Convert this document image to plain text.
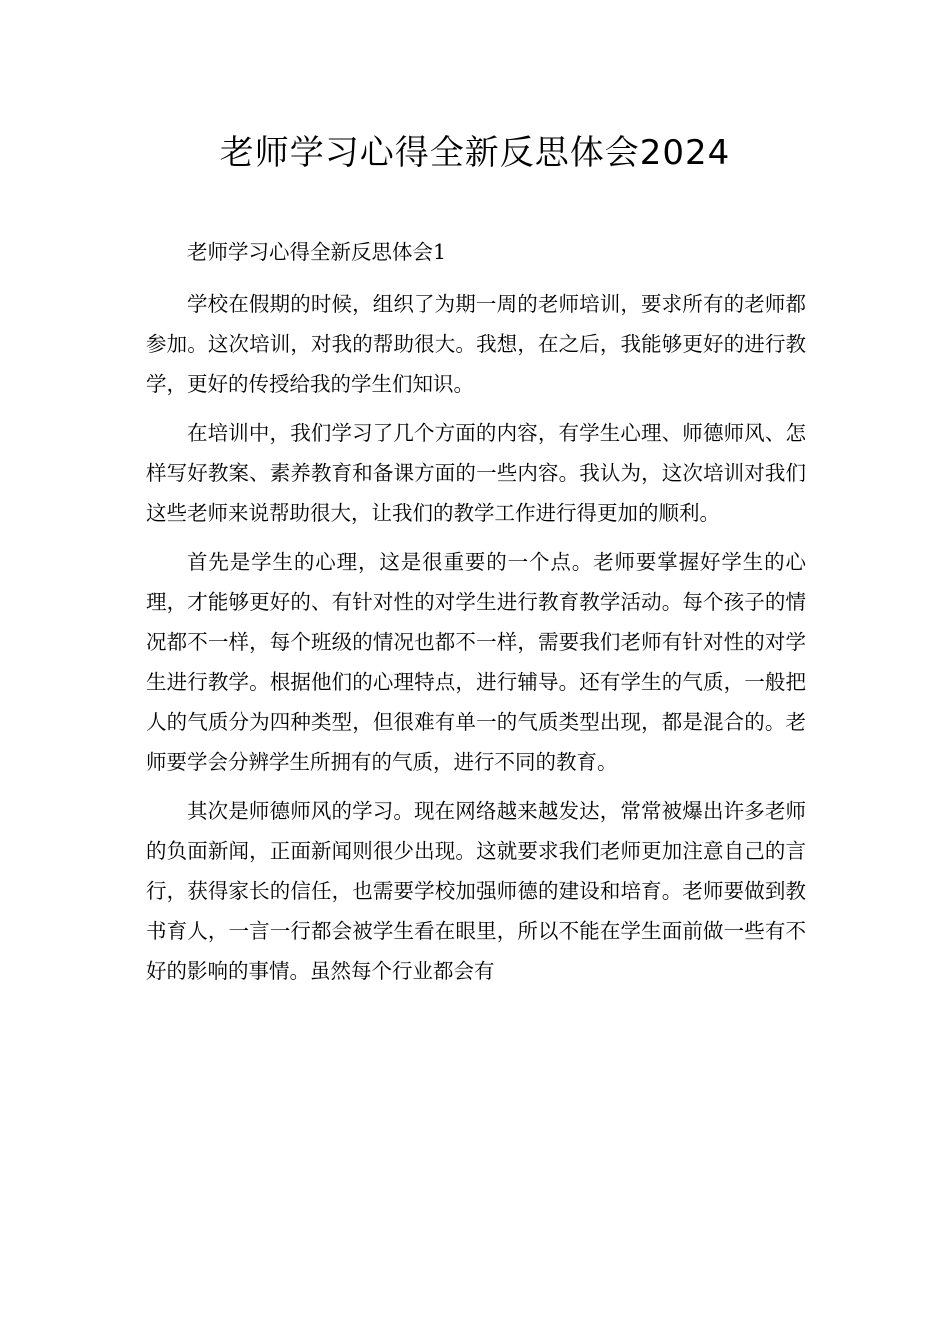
老师学习心得全新反思体会2024

老师学习心得全新反思体会1

学校在假期的时候，组织了为期一周的老师培训，要求所有的老师都参加。这次培训，对我的帮助很大。我想，在之后，我能够更好的进行教学，更好的传授给我的学生们知识。

在培训中，我们学习了几个方面的内容，有学生心理、师德师风、怎样写好教案、素养教育和备课方面的一些内容。我认为，这次培训对我们这些老师来说帮助很大，让我们的教学工作进行得更加的顺利。

首先是学生的心理，这是很重要的一个点。老师要掌握好学生的心理，才能够更好的、有针对性的对学生进行教育教学活动。每个孩子的情况都不一样，每个班级的情况也都不一样，需要我们老师有针对性的对学生进行教学。根据他们的心理特点，进行辅导。还有学生的气质，一般把人的气质分为四种类型，但很难有单一的气质类型出现，都是混合的。老师要学会分辨学生所拥有的气质，进行不同的教育。

其次是师德师风的学习。现在网络越来越发达，常常被爆出许多老师的负面新闻，正面新闻则很少出现。这就要求我们老师更加注意自己的言行，获得家长的信任，也需要学校加强师德的建设和培育。老师要做到教书育人，一言一行都会被学生看在眼里，所以不能在学生面前做一些有不好的影响的事情。虽然每个行业都会有
